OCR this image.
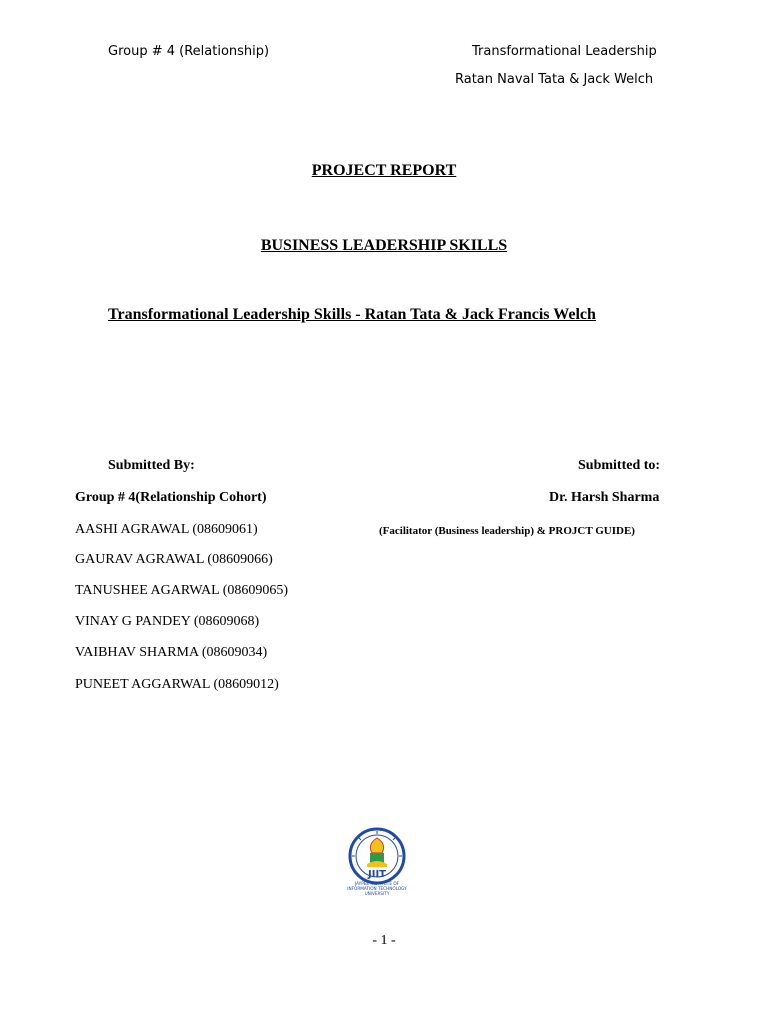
Group # 4 (Relationship)	Transformational Leadership
Ratan Naval Tata & Jack Welch
PROJECT REPORT
BUSINESS LEADERSHIP SKILLS
Transformational Leadership Skills - Ratan Tata & Jack Francis Welch
Submitted By:
Group # 4(Relationship Cohort)
AASHI AGRAWAL (08609061)
GAURAV AGRAWAL (08609066)
TANUSHEE AGARWAL (08609065)
VINAY G PANDEY (08609068)
VAIBHAV SHARMA (08609034)
PUNEET AGGARWAL (08609012)
Submitted to:
Dr. Harsh Sharma
(Facilitator (Business leadership) & PROJCT GUIDE)
JIIT
JAYPEE INSTITUTE OF
INFORMATION TECHNOLOGY
UNIVERSITY
- 1 -
